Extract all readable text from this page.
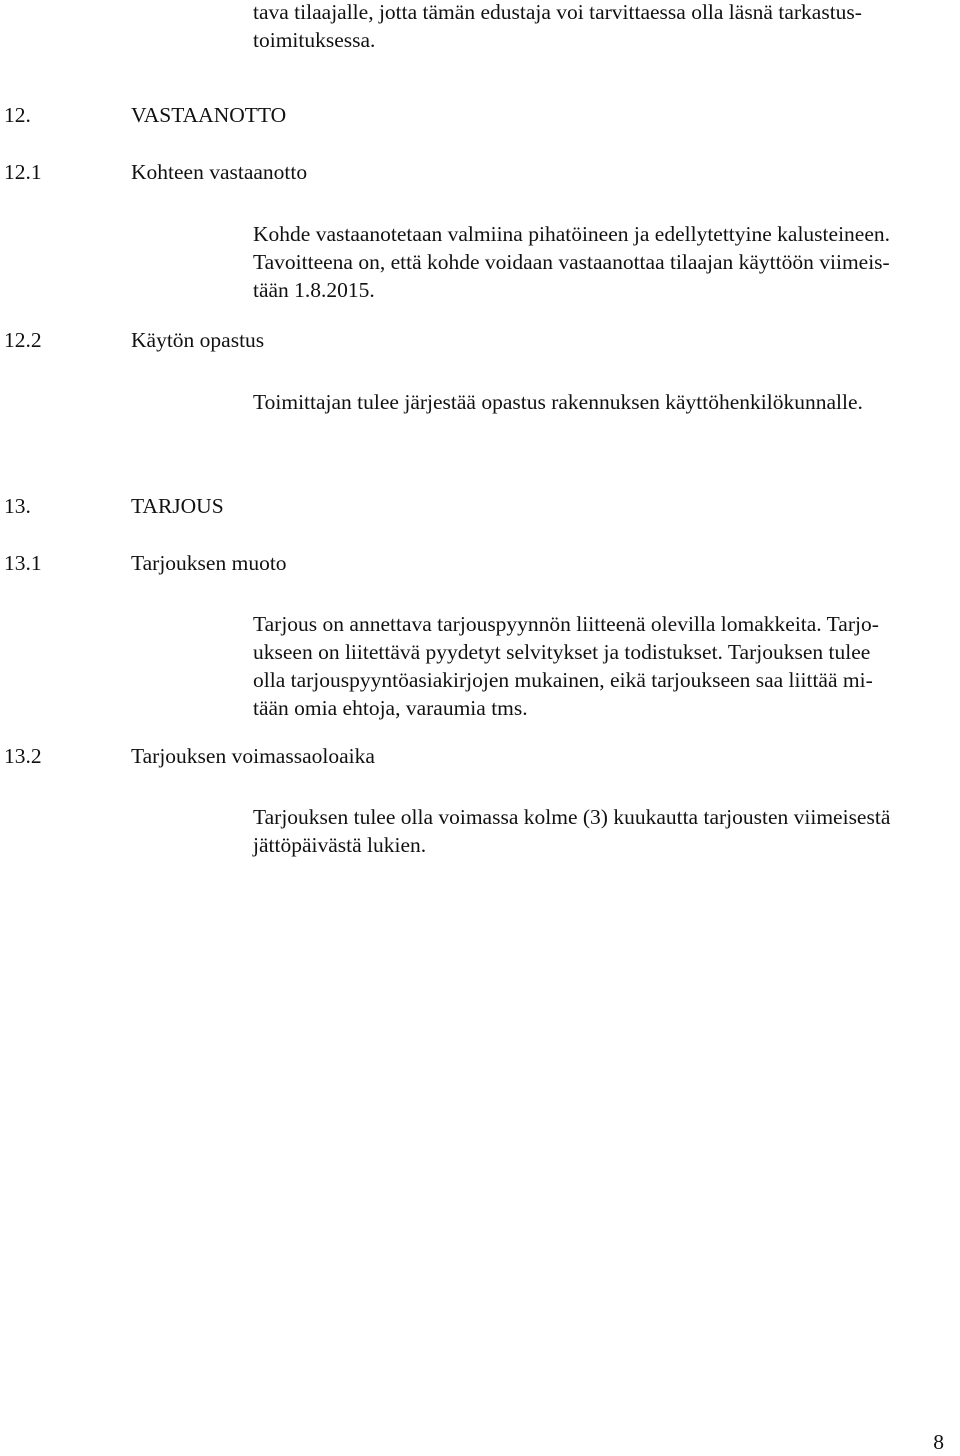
tava tilaajalle, jotta tämän edustaja voi tarvittaessa olla läsnä tarkastus-
toimituksessa.
12.	VASTAANOTTO
12.1	Kohteen vastaanotto
Kohde vastaanotetaan valmiina pihatöineen ja edellytettyine kalusteineen.
Tavoitteena on, että kohde voidaan vastaanottaa tilaajan käyttöön viimeis-
tään 1.8.2015.
12.2	Käytön opastus
Toimittajan tulee järjestää opastus rakennuksen käyttöhenkilökunnalle.
13.	TARJOUS
13.1	Tarjouksen muoto
Tarjous on annettava tarjouspyynnön liitteenä olevilla lomakkeita. Tarjo-
ukseen on liitettävä pyydetyt selvitykset ja todistukset. Tarjouksen tulee
olla tarjouspyyntöasiakirjojen mukainen, eikä tarjoukseen saa liittää mi-
tään omia ehtoja, varaumia tms.
13.2	Tarjouksen voimassaoloaika
Tarjouksen tulee olla voimassa kolme (3) kuukautta tarjousten viimeisestä
jättöpäivästä lukien.
8
